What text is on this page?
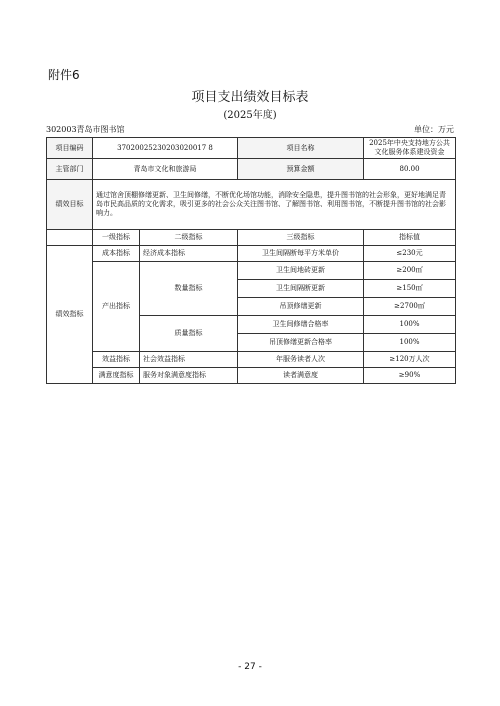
附件6
项目支出绩效目标表
(2025年度)
302003青岛市图书馆	单位：万元
项目编码	37020025230203020017 8		项目名称	2025年中央支持地方公共文化服务体系建设资金
主管部门	青岛市文化和旅游局		预算金额	80.00
绩效目标	通过馆舍顶棚修缮更新、卫生间修缮，不断优化场馆功能，消除安全隐患，提升图书馆的社会形象，更好地满足青岛市民高品质的文化需求，吸引更多的社会公众关注图书馆、了解图书馆、利用图书馆，不断提升图书馆的社会影响力。			
	一级指标	二级指标	三级指标	指标值
绩效指标	成本指标	经济成本指标	卫生间隔断每平方米单价	≤230元
	产出指标	数量指标	卫生间地砖更新	≥200㎡
			卫生间隔断更新	≥150㎡
			吊顶修缮更新	≥2700㎡
		质量指标	卫生间修缮合格率	100%
			吊顶修缮更新合格率	100%
	效益指标	社会效益指标	年服务读者人次	≥120万人次
	满意度指标	服务对象满意度指标	读者满意度	≥90%
- 27 -
